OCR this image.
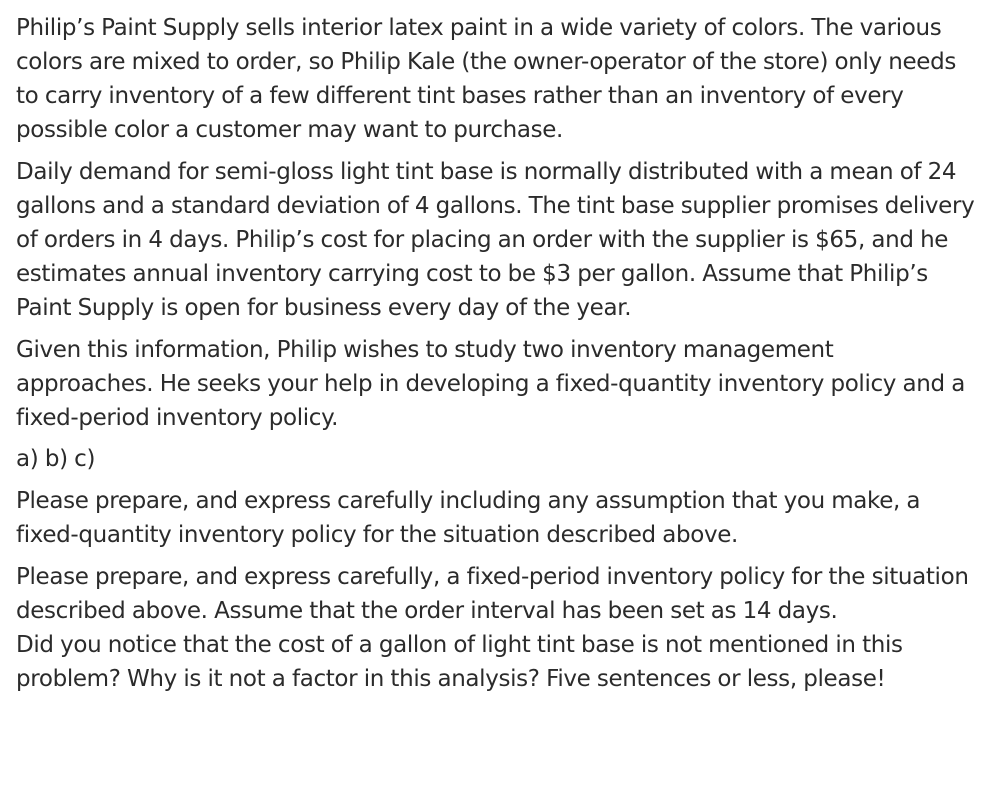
Philip’s Paint Supply sells interior latex paint in a wide variety of colors. The various colors are mixed to order, so Philip Kale (the owner-operator of the store) only needs to carry inventory of a few different tint bases rather than an inventory of every possible color a customer may want to purchase.

Daily demand for semi-gloss light tint base is normally distributed with a mean of 24 gallons and a standard deviation of 4 gallons. The tint base supplier promises delivery of orders in 4 days. Philip’s cost for placing an order with the supplier is $65, and he estimates annual inventory carrying cost to be $3 per gallon. Assume that Philip’s Paint Supply is open for business every day of the year.

Given this information, Philip wishes to study two inventory management approaches. He seeks your help in developing a fixed-quantity inventory policy and a fixed-period inventory policy.

a) b) c)

Please prepare, and express carefully including any assumption that you make, a fixed-quantity inventory policy for the situation described above.

Please prepare, and express carefully, a fixed-period inventory policy for the situation described above. Assume that the order interval has been set as 14 days.

Did you notice that the cost of a gallon of light tint base is not mentioned in this problem? Why is it not a factor in this analysis? Five sentences or less, please!
